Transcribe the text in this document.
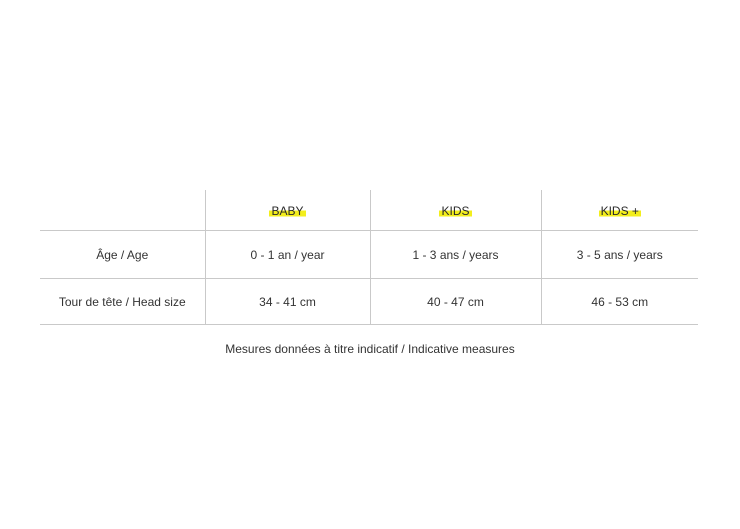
	BABY	KIDS	KIDS +
Âge / Age	0 - 1 an / year	1 - 3 ans / years	3 - 5 ans / years
Tour de tête / Head size	34 - 41 cm	40 - 47 cm	46 - 53 cm
Mesures données à titre indicatif / Indicative measures
